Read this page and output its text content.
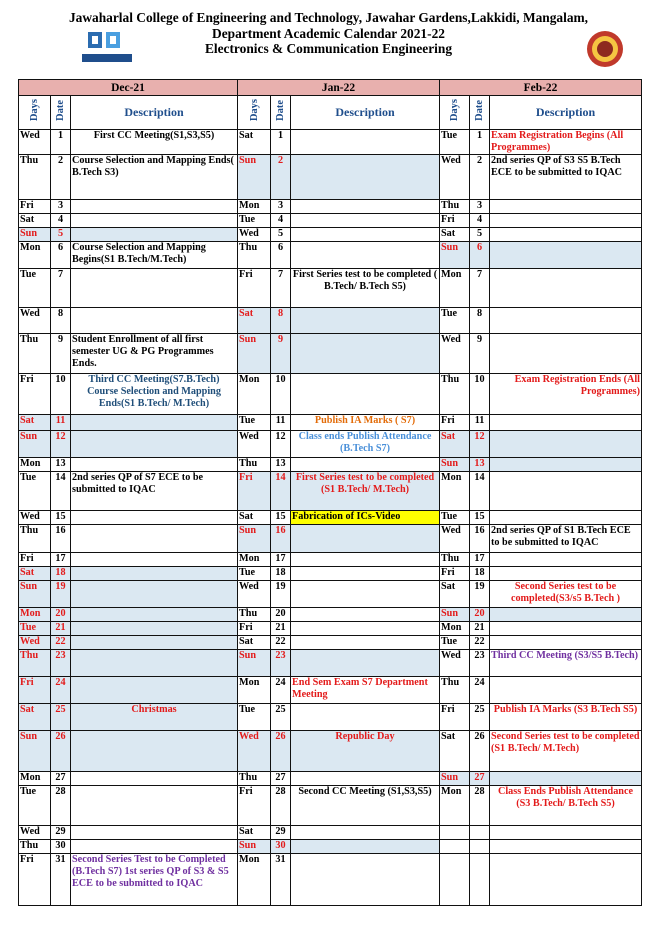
Jawaharlal College of Engineering and Technology, Jawahar Gardens,Lakkidi, Mangalam,
Department Academic Calendar 2021-22
Electronics & Communication Engineering
Dec-21			Jan-22			Feb-22		
Days	Date	Description	Days	Date	Description	Days	Date	Description
Wed	1	First CC Meeting(S1,S3,S5)	Sat	1		Tue	1	Exam Registration Begins (All Programmes)
Thu	2	Course Selection and Mapping Ends( B.Tech S3)	Sun	2		Wed	2	2nd series QP of S3 S5 B.Tech ECE to be submitted to IQAC
Fri	3		Mon	3		Thu	3	
Sat	4		Tue	4		Fri	4	
Sun	5		Wed	5		Sat	5	
Mon	6	Course Selection and Mapping Begins(S1 B.Tech/M.Tech)	Thu	6		Sun	6	
Tue	7		Fri	7	First Series test to be completed ( B.Tech/ B.Tech S5)	Mon	7	
Wed	8		Sat	8		Tue	8	
Thu	9	Student Enrollment of all first semester UG & PG Programmes Ends.	Sun	9		Wed	9	
Fri	10	Third CC Meeting(S7.B.Tech) Course Selection and Mapping Ends(S1 B.Tech/ M.Tech)	Mon	10		Thu	10	Exam Registration Ends (All Programmes)
Sat	11		Tue	11	Publish IA Marks ( S7)	Fri	11	
Sun	12		Wed	12	Class ends Publish Attendance (B.Tech S7)	Sat	12	
Mon	13		Thu	13		Sun	13	
Tue	14	2nd series QP of S7 ECE to be submitted to IQAC	Fri	14	First Series test to be completed (S1 B.Tech/ M.Tech)	Mon	14	
Wed	15		Sat	15	Fabrication of ICs-Video	Tue	15	
Thu	16		Sun	16		Wed	16	2nd series QP of S1 B.Tech ECE to be submitted to IQAC
Fri	17		Mon	17		Thu	17	
Sat	18		Tue	18		Fri	18	
Sun	19		Wed	19		Sat	19	Second Series test to be completed(S3/s5 B.Tech )
Mon	20		Thu	20		Sun	20	
Tue	21		Fri	21		Mon	21	
Wed	22		Sat	22		Tue	22	
Thu	23		Sun	23		Wed	23	Third CC Meeting (S3/S5 B.Tech)
Fri	24		Mon	24	End Sem Exam S7 Department Meeting	Thu	24	
Sat	25	Christmas	Tue	25		Fri	25	Publish IA Marks (S3 B.Tech S5)
Sun	26		Wed	26	Republic Day	Sat	26	Second Series test to be completed (S1 B.Tech/ M.Tech)
Mon	27		Thu	27		Sun	27	
Tue	28		Fri	28	Second CC Meeting (S1,S3,S5)	Mon	28	Class Ends Publish Attendance (S3 B.Tech/ B.Tech S5)
Wed	29		Sat	29				
Thu	30		Sun	30				
Fri	31	Second Series Test to be Completed (B.Tech S7) 1st series QP of S3 & S5 ECE to be submitted to IQAC	Mon	31				
